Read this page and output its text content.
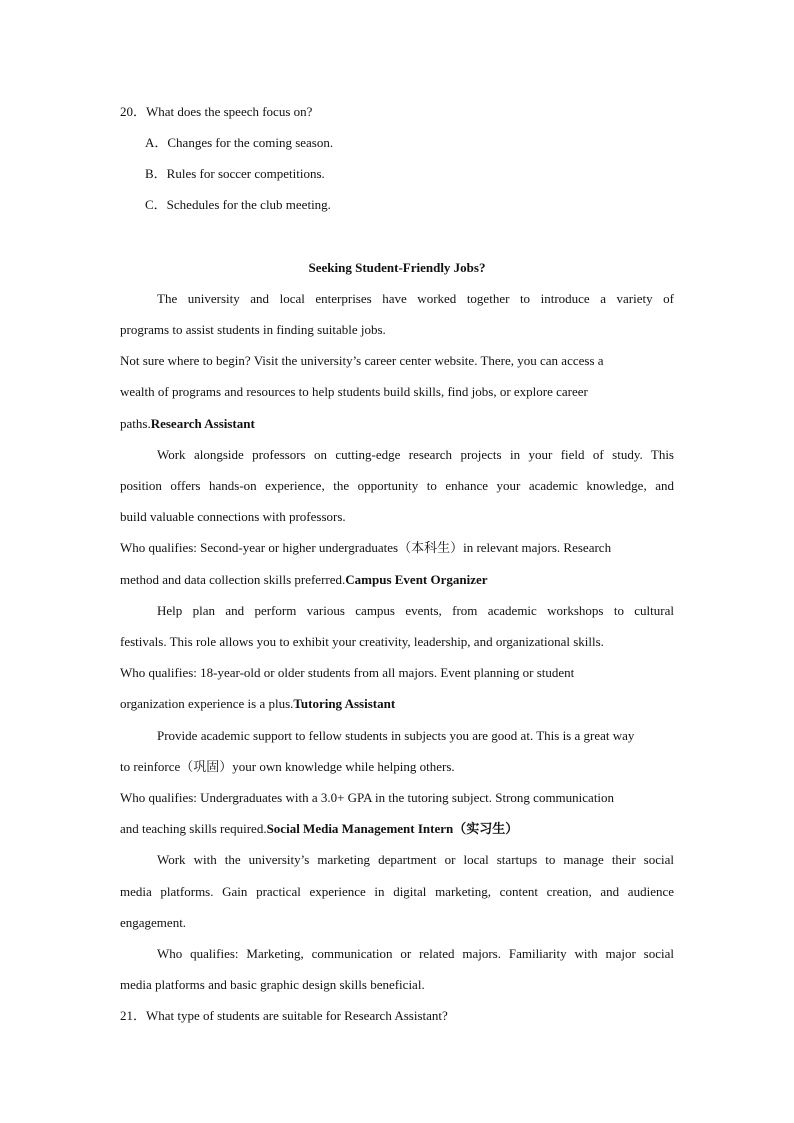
20．What does the speech focus on?
A．Changes for the coming season.
B．Rules for soccer competitions.
C．Schedules for the club meeting.
Seeking Student-Friendly Jobs?
The university and local enterprises have worked together to introduce a variety of
programs to assist students in finding suitable jobs.
Not sure where to begin? Visit the university’s career center website. There, you can access a
wealth of programs and resources to help students build skills, find jobs, or explore career
paths.Research Assistant
Work alongside professors on cutting-edge research projects in your field of study. This
position offers hands-on experience, the opportunity to enhance your academic knowledge, and
build valuable connections with professors.
Who qualifies: Second-year or higher undergraduates（本科生）in relevant majors. Research
method and data collection skills preferred.Campus Event Organizer
Help plan and perform various campus events, from academic workshops to cultural
festivals. This role allows you to exhibit your creativity, leadership, and organizational skills.
Who qualifies: 18-year-old or older students from all majors. Event planning or student
organization experience is a plus.Tutoring Assistant
Provide academic support to fellow students in subjects you are good at. This is a great way
to reinforce（巩固）your own knowledge while helping others.
Who qualifies: Undergraduates with a 3.0+ GPA in the tutoring subject. Strong communication
and teaching skills required.Social Media Management Intern（实习生）
Work with the university’s marketing department or local startups to manage their social
media platforms. Gain practical experience in digital marketing, content creation, and audience
engagement.
Who qualifies: Marketing, communication or related majors. Familiarity with major social
media platforms and basic graphic design skills beneficial.
21．What type of students are suitable for Research Assistant?
